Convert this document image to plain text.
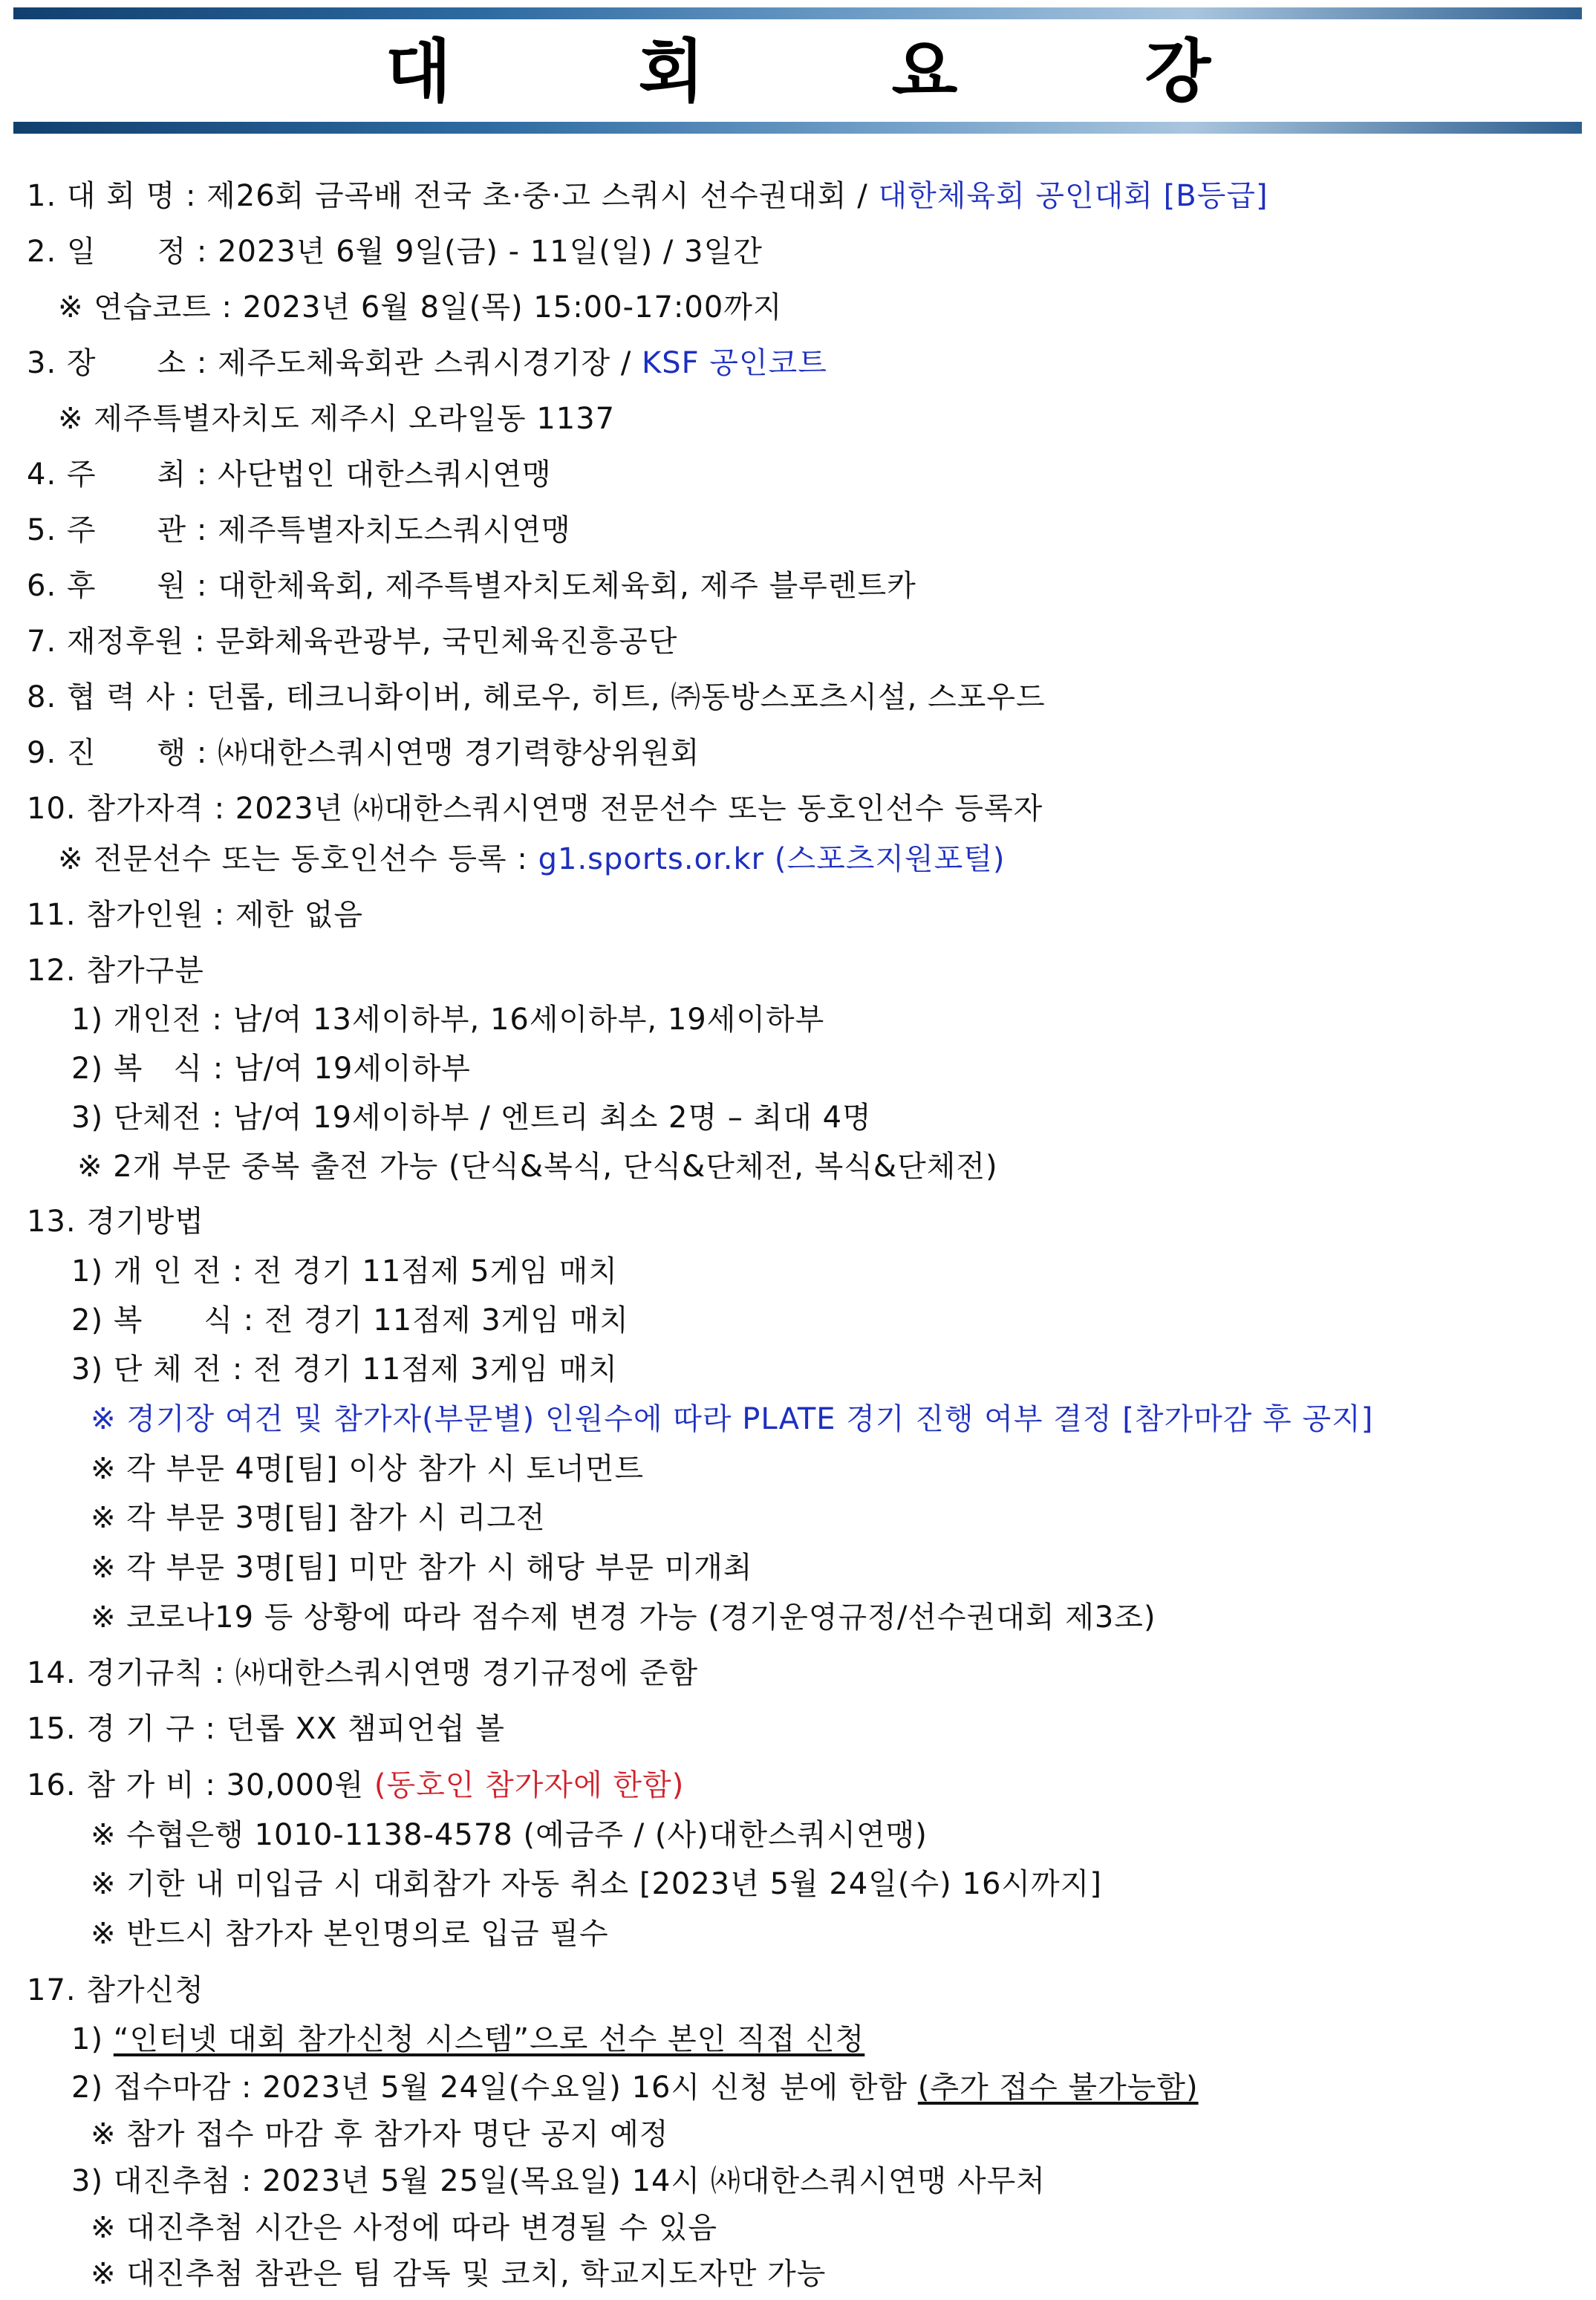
대 회 요 강
1. 대 회 명 : 제26회 금곡배 전국 초·중·고 스쿼시 선수권대회 / 대한체육회 공인대회 [B등급]
2. 일　　정 : 2023년 6월 9일(금) - 11일(일) / 3일간
※ 연습코트 : 2023년 6월 8일(목) 15:00-17:00까지
3. 장　　소 : 제주도체육회관 스쿼시경기장 / KSF 공인코트
※ 제주특별자치도 제주시 오라일동 1137
4. 주　　최 : 사단법인 대한스쿼시연맹
5. 주　　관 : 제주특별자치도스쿼시연맹
6. 후　　원 : 대한체육회, 제주특별자치도체육회, 제주 블루렌트카
7. 재정후원 : 문화체육관광부, 국민체육진흥공단
8. 협 력 사 : 던롭, 테크니화이버, 헤로우, 히트, ㈜동방스포츠시설, 스포우드
9. 진　　행 : ㈔대한스쿼시연맹 경기력향상위원회
10. 참가자격 : 2023년 ㈔대한스쿼시연맹 전문선수 또는 동호인선수 등록자
※ 전문선수 또는 동호인선수 등록 : g1.sports.or.kr (스포츠지원포털)
11. 참가인원 : 제한 없음
12. 참가구분
1) 개인전 : 남/여 13세이하부, 16세이하부, 19세이하부
2) 복　식 : 남/여 19세이하부
3) 단체전 : 남/여 19세이하부 / 엔트리 최소 2명 – 최대 4명
※ 2개 부문 중복 출전 가능 (단식&복식, 단식&단체전, 복식&단체전)
13. 경기방법
1) 개 인 전 : 전 경기 11점제 5게임 매치
2) 복　　식 : 전 경기 11점제 3게임 매치
3) 단 체 전 : 전 경기 11점제 3게임 매치
※ 경기장 여건 및 참가자(부문별) 인원수에 따라 PLATE 경기 진행 여부 결정 [참가마감 후 공지]
※ 각 부문 4명[팀] 이상 참가 시 토너먼트
※ 각 부문 3명[팀] 참가 시 리그전
※ 각 부문 3명[팀] 미만 참가 시 해당 부문 미개최
※ 코로나19 등 상황에 따라 점수제 변경 가능 (경기운영규정/선수권대회 제3조)
14. 경기규칙 : ㈔대한스쿼시연맹 경기규정에 준함
15. 경 기 구 : 던롭 XX 챔피언쉽 볼
16. 참 가 비 : 30,000원 (동호인 참가자에 한함)
※ 수협은행 1010-1138-4578 (예금주 / (사)대한스쿼시연맹)
※ 기한 내 미입금 시 대회참가 자동 취소 [2023년 5월 24일(수) 16시까지]
※ 반드시 참가자 본인명의로 입금 필수
17. 참가신청
1) “인터넷 대회 참가신청 시스템”으로 선수 본인 직접 신청
2) 접수마감 : 2023년 5월 24일(수요일) 16시 신청 분에 한함 (추가 접수 불가능함)
※ 참가 접수 마감 후 참가자 명단 공지 예정
3) 대진추첨 : 2023년 5월 25일(목요일) 14시 ㈔대한스쿼시연맹 사무처
※ 대진추첨 시간은 사정에 따라 변경될 수 있음
※ 대진추첨 참관은 팀 감독 및 코치, 학교지도자만 가능
